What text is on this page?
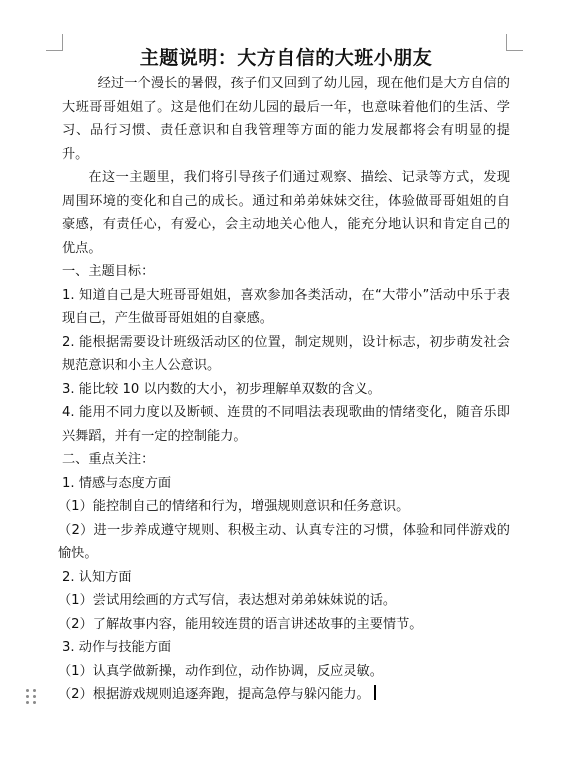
主题说明：大方自信的大班小朋友

经过一个漫长的暑假，孩子们又回到了幼儿园，现在他们是大方自信的大班哥哥姐姐了。这是他们在幼儿园的最后一年，也意味着他们的生活、学习、品行习惯、责任意识和自我管理等方面的能力发展都将会有明显的提升。

在这一主题里，我们将引导孩子们通过观察、描绘、记录等方式，发现周围环境的变化和自己的成长。通过和弟弟妹妹交往，体验做哥哥姐姐的自豪感，有责任心，有爱心，会主动地关心他人，能充分地认识和肯定自己的优点。

一、主题目标：

1. 知道自己是大班哥哥姐姐，喜欢参加各类活动，在“大带小”活动中乐于表现自己，产生做哥哥姐姐的自豪感。

2. 能根据需要设计班级活动区的位置，制定规则，设计标志，初步萌发社会规范意识和小主人公意识。

3. 能比较 10 以内数的大小，初步理解单双数的含义。

4. 能用不同力度以及断顿、连贯的不同唱法表现歌曲的情绪变化，随音乐即兴舞蹈，并有一定的控制能力。

二、重点关注：

1. 情感与态度方面

（1）能控制自己的情绪和行为，增强规则意识和任务意识。

（2）进一步养成遵守规则、积极主动、认真专注的习惯，体验和同伴游戏的愉快。

2. 认知方面

（1）尝试用绘画的方式写信，表达想对弟弟妹妹说的话。

（2）了解故事内容，能用较连贯的语言讲述故事的主要情节。

3. 动作与技能方面

（1）认真学做新操，动作到位，动作协调，反应灵敏。

（2）根据游戏规则追逐奔跑，提高急停与躲闪能力。
